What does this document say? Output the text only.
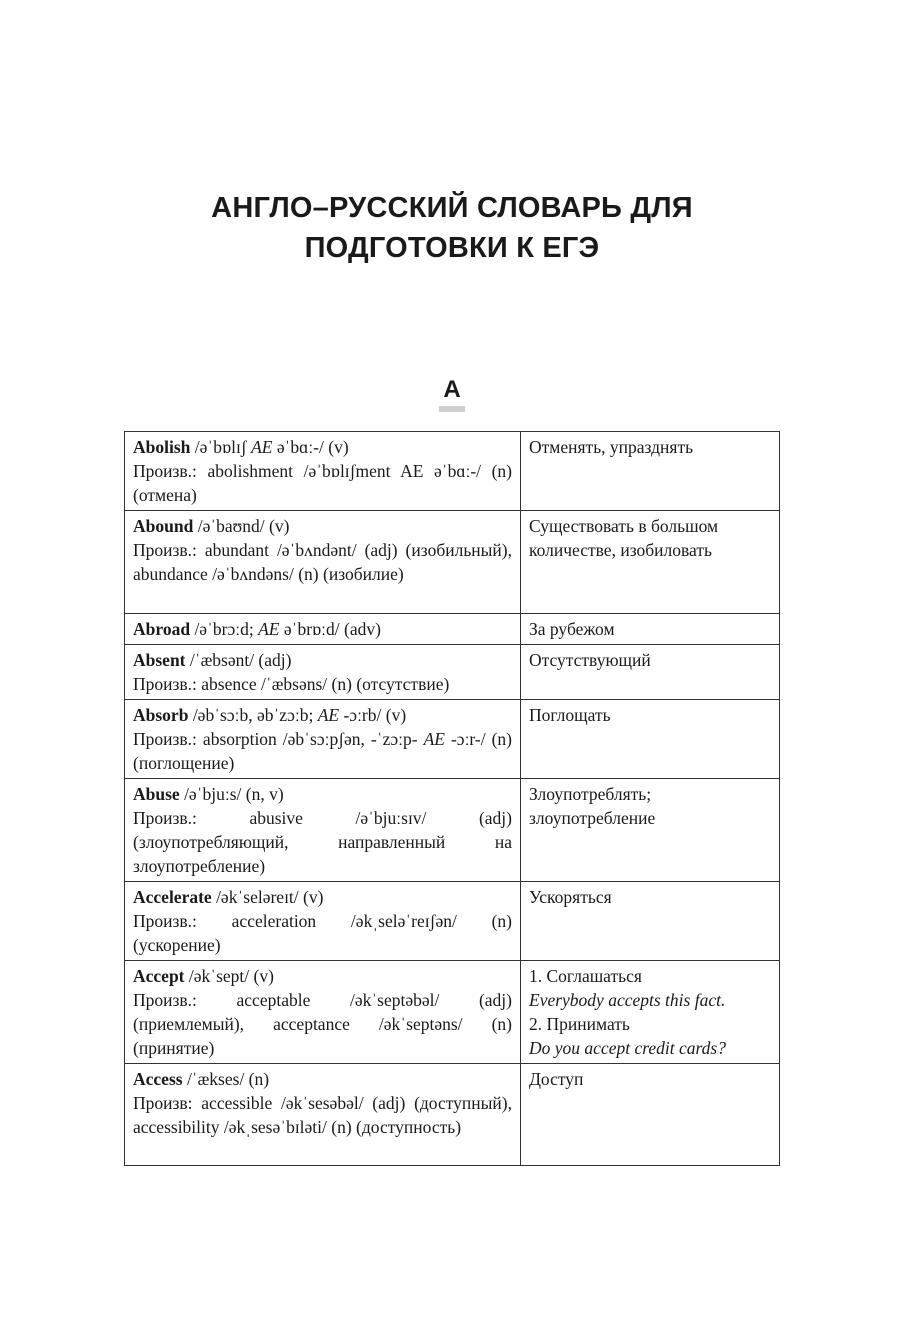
АНГЛО–РУССКИЙ СЛОВАРЬ ДЛЯ
ПОДГОТОВКИ К ЕГЭ
A
Abolish /əˈbɒlɪʃ AE əˈbɑː-/ (v)
Произв.: abolishment /əˈbɒlɪʃment AE əˈbɑː-/ (n) (отмена)	Отменять, упразднять
Abound /əˈbaʊnd/ (v)
Произв.: abundant /əˈbʌndənt/ (adj) (изобильный), abundance /əˈbʌndəns/ (n) (изобилие)	Существовать в большом количестве, изобиловать
Abroad /əˈbrɔːd; AE əˈbrɒːd/ (adv)	За рубежом
Absent /ˈæbsənt/ (adj)
Произв.: absence /ˈæbsəns/ (n) (отсутствие)	Отсутствующий
Absorb /əbˈsɔːb, əbˈzɔːb; AE -ɔːrb/ (v)
Произв.: absorption /əbˈsɔːpʃən, -ˈzɔːp- AE -ɔːr-/ (n) (поглощение)	Поглощать
Abuse /əˈbjuːs/ (n, v)
Произв.: abusive /əˈbjuːsɪv/ (adj) (злоупотребляющий, направленный на злоупотребление)	Злоупотреблять; злоупотребление
Accelerate /əkˈseləreɪt/ (v)
Произв.: acceleration /əkˌseləˈreɪʃən/ (n) (ускорение)	Ускоряться
Accept /əkˈsept/ (v)
Произв.: acceptable /əkˈseptəbəl/ (adj) (приемлемый), acceptance /əkˈseptəns/ (n) (принятие)	1. Соглашаться
Everybody accepts this fact.
2. Принимать
Do you accept credit cards?

Access /ˈækses/ (n)
Произв: accessible /əkˈsesəbəl/ (adj) (доступный), accessibility /əkˌsesəˈbɪləti/ (n) (доступность)	Доступ
